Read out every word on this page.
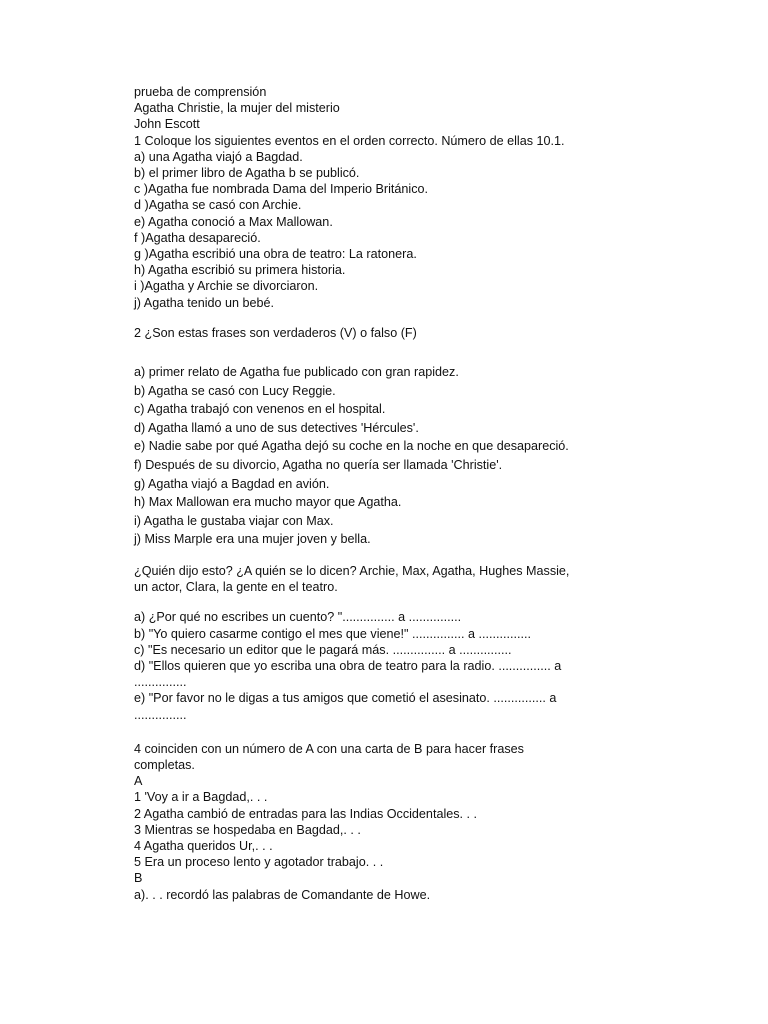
prueba de comprensión
Agatha Christie, la mujer del misterio
John Escott
1 Coloque los siguientes eventos en el orden correcto. Número de ellas 10.1.
a) una Agatha viajó a Bagdad.
b) el primer libro de Agatha b se publicó.
c )Agatha fue nombrada Dama del Imperio Británico.
d )Agatha se casó con Archie.
e) Agatha conoció a Max Mallowan.
f )Agatha desapareció.
g )Agatha escribió una obra de teatro: La ratonera.
h) Agatha escribió su primera historia.
i )Agatha y Archie se divorciaron.
j) Agatha tenido un bebé.
2 ¿Son estas frases son verdaderos (V) o falso (F)
a) primer relato de Agatha fue publicado con gran rapidez.
b) Agatha se casó con Lucy Reggie.
c) Agatha trabajó con venenos en el hospital.
d) Agatha llamó a uno de sus detectives 'Hércules'.
e) Nadie sabe por qué Agatha dejó su coche en la noche en que desapareció.
f) Después de su divorcio, Agatha no quería ser llamada 'Christie'.
g) Agatha viajó a Bagdad en avión.
h) Max Mallowan era mucho mayor que Agatha.
i) Agatha le gustaba viajar con Max.
j) Miss Marple era una mujer joven y bella.
¿Quién dijo esto? ¿A quién se lo dicen? Archie, Max, Agatha, Hughes Massie,
un actor, Clara, la gente en el teatro.
a) ¿Por qué no escribes un cuento? "............... a ...............
b) "Yo quiero casarme contigo el mes que viene!" ............... a ...............
c) "Es necesario un editor que le pagará más. ............... a ...............
d) "Ellos quieren que yo escriba una obra de teatro para la radio. ............... a
...............
e) "Por favor no le digas a tus amigos que cometió el asesinato. ............... a
...............
4 coinciden con un número de A con una carta de B para hacer frases
completas.
A
1 'Voy a ir a Bagdad,. . .
2 Agatha cambió de entradas para las Indias Occidentales. . .
3 Mientras se hospedaba en Bagdad,. . .
4 Agatha queridos Ur,. . .
5 Era un proceso lento y agotador trabajo. . .
B
a). . . recordó las palabras de Comandante de Howe.
